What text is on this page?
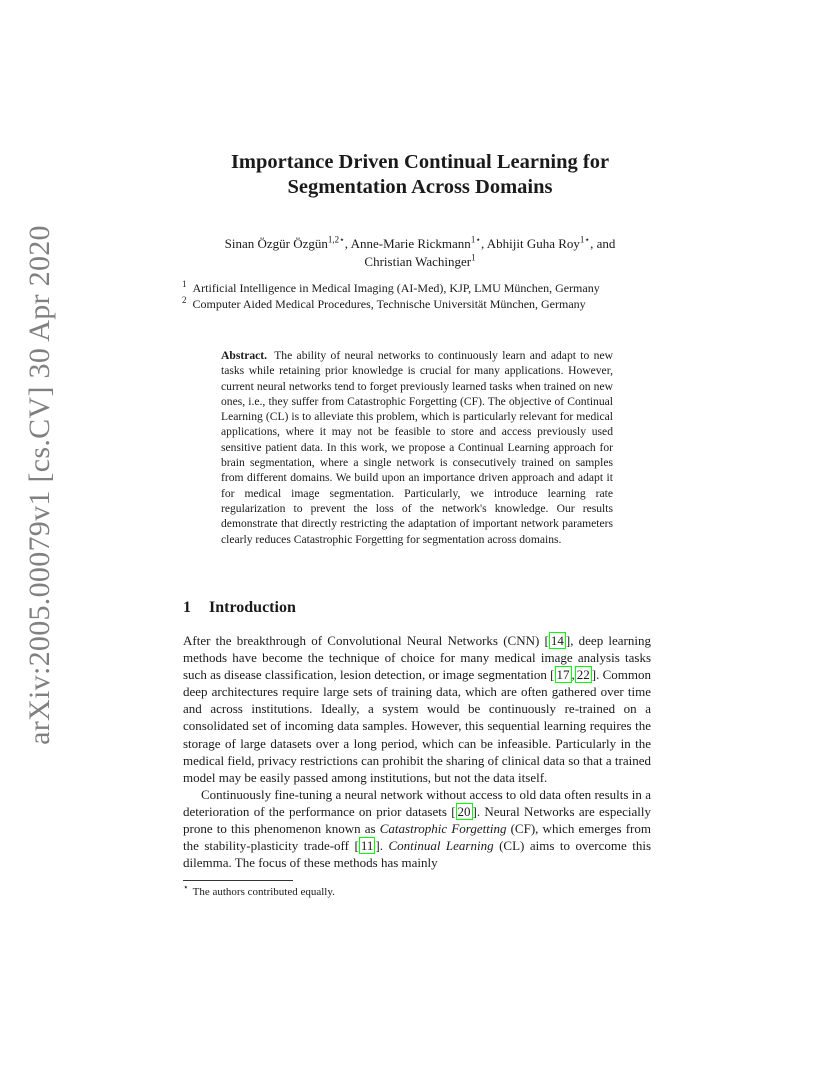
arXiv:2005.00079v1 [cs.CV] 30 Apr 2020
Importance Driven Continual Learning for
Segmentation Across Domains
Sinan Özgür Özgün$^{1,2⋆}$, Anne-Marie Rickmann$^{1⋆}$, Abhijit Guha Roy$^{1⋆}$, and
Christian Wachinger$^1$
$^1$ Artificial Intelligence in Medical Imaging (AI-Med), KJP, LMU München, Germany
$^2$ Computer Aided Medical Procedures, Technische Universität München, Germany
Abstract. The ability of neural networks to continuously learn and adapt to new tasks while retaining prior knowledge is crucial for many applications. However, current neural networks tend to forget previously learned tasks when trained on new ones, i.e., they suffer from Catastrophic Forgetting (CF). The objective of Continual Learning (CL) is to alleviate this problem, which is particularly relevant for medical applications, where it may not be feasible to store and access previously used sensitive patient data. In this work, we propose a Continual Learning approach for brain segmentation, where a single network is consecutively trained on samples from different domains. We build upon an importance driven approach and adapt it for medical image segmentation. Particularly, we introduce learning rate regularization to prevent the loss of the network's knowledge. Our results demonstrate that directly restricting the adaptation of important network parameters clearly reduces Catastrophic Forgetting for segmentation across domains.
1 Introduction

After the breakthrough of Convolutional Neural Networks (CNN) [ 14 ], deep learning methods have become the technique of choice for many medical image analysis tasks such as disease classification, lesion detection, or image segmentation [ 17 , 22 ]. Common deep architectures require large sets of training data, which are often gathered over time and across institutions. Ideally, a system would be continuously re-trained on a consolidated set of incoming data samples. However, this sequential learning requires the storage of large datasets over a long period, which can be infeasible. Particularly in the medical field, privacy restrictions can prohibit the sharing of clinical data so that a trained model may be easily passed among institutions, but not the data itself.

Continuously fine-tuning a neural network without access to old data often results in a deterioration of the performance on prior datasets [ 20 ]. Neural Networks are especially prone to this phenomenon known as Catastrophic Forgetting (CF), which emerges from the stability-plasticity trade-off [ 11 ]. Continual Learning (CL) aims to overcome this dilemma. The focus of these methods has mainly

⋆ The authors contributed equally.
